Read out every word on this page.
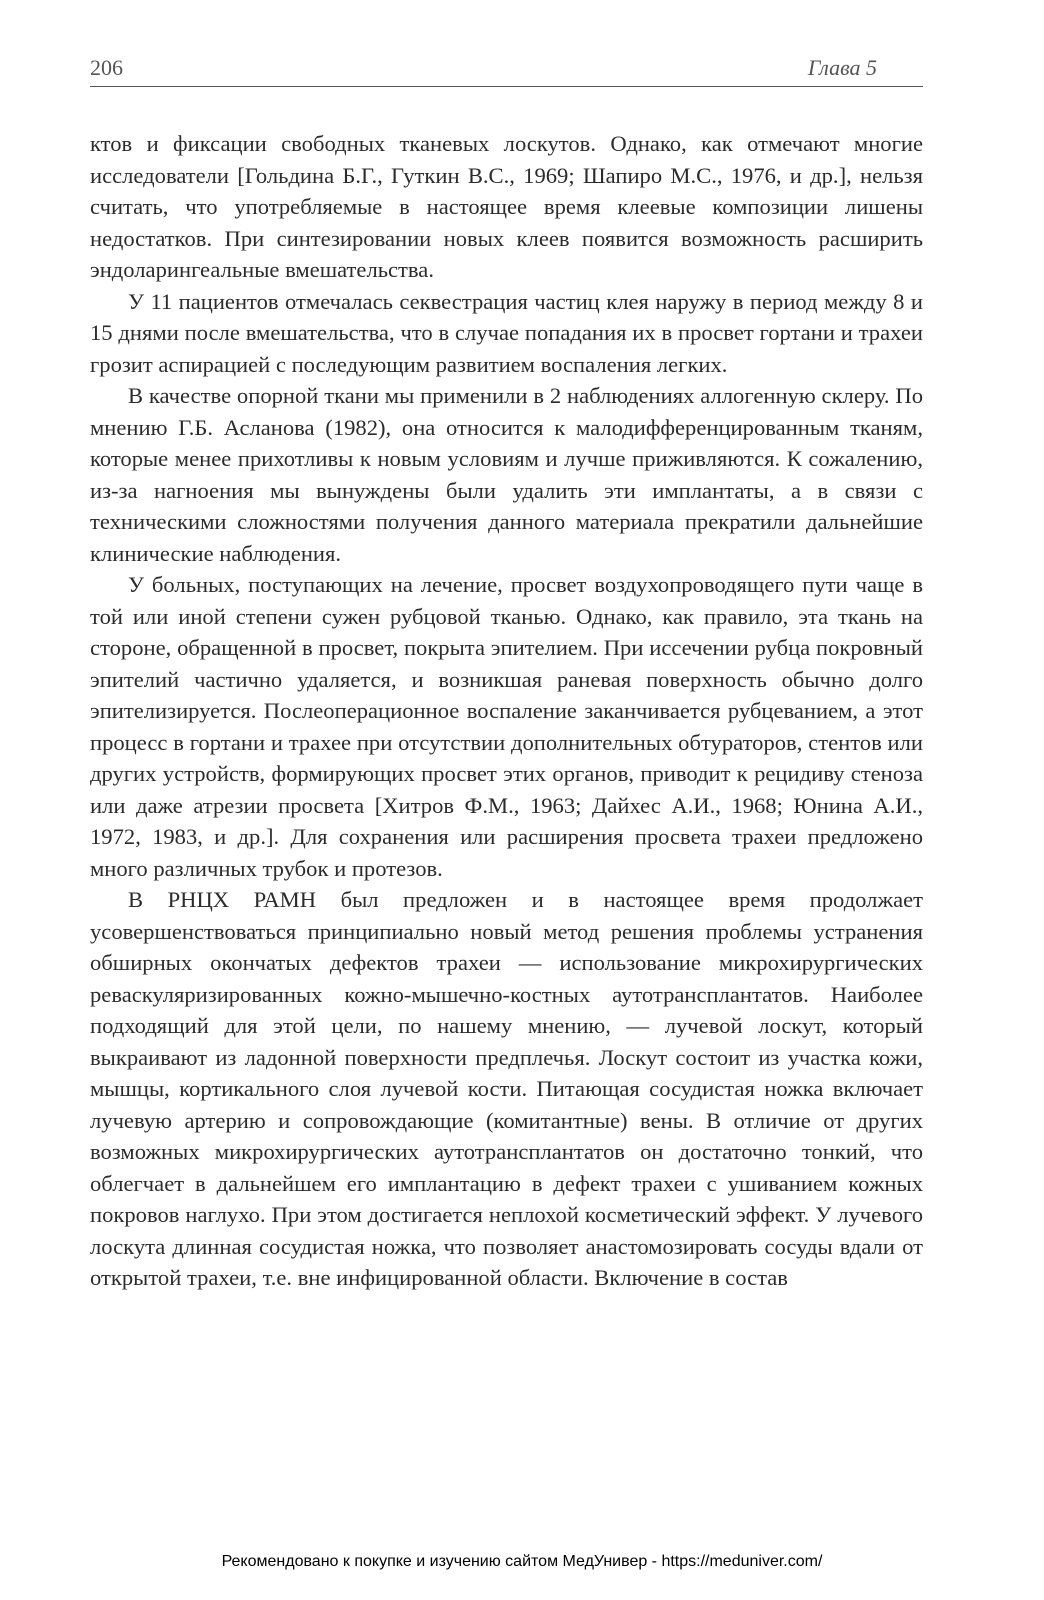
206	Глава 5

ктов и фиксации свободных тканевых лоскутов. Однако, как отмечают многие исследователи [Гольдина Б.Г., Гуткин В.С., 1969; Шапиро М.С., 1976, и др.], нельзя считать, что употребляемые в настоящее время клеевые композиции лишены недостатков. При синтезировании новых клеев появится возможность расширить эндоларингеальные вмешательства.

У 11 пациентов отмечалась секвестрация частиц клея наружу в период между 8 и 15 днями после вмешательства, что в случае попадания их в просвет гортани и трахеи грозит аспирацией с последующим развитием воспаления легких.

В качестве опорной ткани мы применили в 2 наблюдениях аллогенную склеру. По мнению Г.Б. Асланова (1982), она относится к малодифференцированным тканям, которые менее прихотливы к новым условиям и лучше приживляются. К сожалению, из-за нагноения мы вынуждены были удалить эти имплантаты, а в связи с техническими сложностями получения данного материала прекратили дальнейшие клинические наблюдения.

У больных, поступающих на лечение, просвет воздухопроводящего пути чаще в той или иной степени сужен рубцовой тканью. Однако, как правило, эта ткань на стороне, обращенной в просвет, покрыта эпителием. При иссечении рубца покровный эпителий частично удаляется, и возникшая раневая поверхность обычно долго эпителизируется. Послеоперационное воспаление заканчивается рубцеванием, а этот процесс в гортани и трахее при отсутствии дополнительных обтураторов, стентов или других устройств, формирующих просвет этих органов, приводит к рецидиву стеноза или даже атрезии просвета [Хитров Ф.М., 1963; Дайхес А.И., 1968; Юнина А.И., 1972, 1983, и др.]. Для сохранения или расширения просвета трахеи предложено много различных трубок и протезов.

В РНЦХ РАМН был предложен и в настоящее время продолжает усовершенствоваться принципиально новый метод решения проблемы устранения обширных окончатых дефектов трахеи — использование микрохирургических реваскуляризированных кожно-мышечно-костных аутотрансплантатов. Наиболее подходящий для этой цели, по нашему мнению, — лучевой лоскут, который выкраивают из ладонной поверхности предплечья. Лоскут состоит из участка кожи, мышцы, кортикального слоя лучевой кости. Питающая сосудистая ножка включает лучевую артерию и сопровождающие (комитантные) вены. В отличие от других возможных микрохирургических аутотрансплантатов он достаточно тонкий, что облегчает в дальнейшем его имплантацию в дефект трахеи с ушиванием кожных покровов наглухо. При этом достигается неплохой косметический эффект. У лучевого лоскута длинная сосудистая ножка, что позволяет анастомозировать сосуды вдали от открытой трахеи, т.е. вне инфицированной области. Включение в состав

Рекомендовано к покупке и изучению сайтом МедУнивер - https://meduniver.com/
